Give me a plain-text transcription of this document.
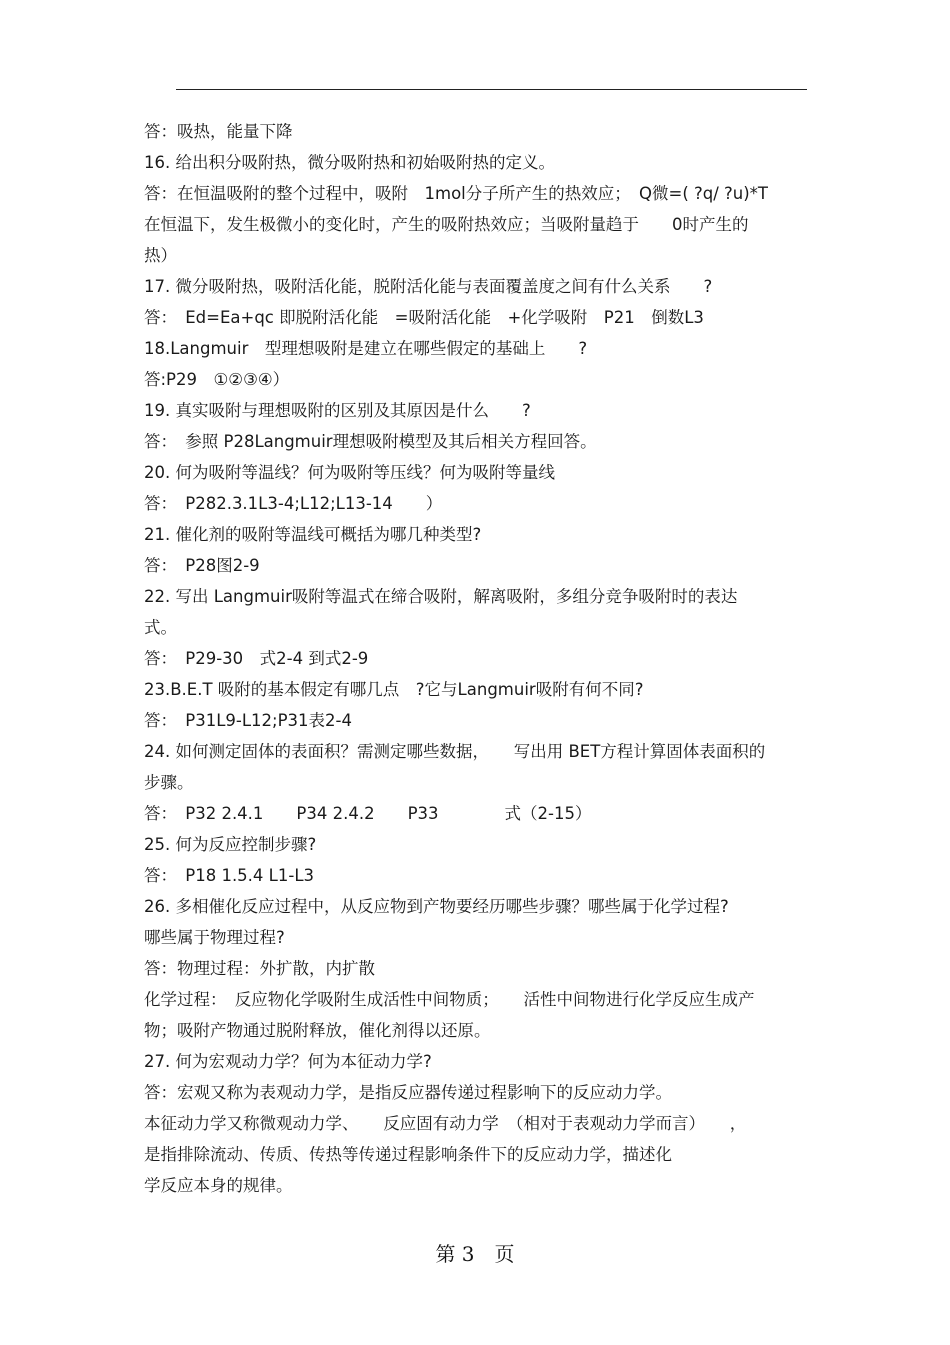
答：吸热，能量下降
16. 给出积分吸附热，微分吸附热和初始吸附热的定义。
答：在恒温吸附的整个过程中，吸附　1mol分子所产生的热效应；　Q微=( ?q/ ?u)*T
在恒温下，发生极微小的变化时，产生的吸附热效应；当吸附量趋于　　0时产生的
热）
17. 微分吸附热，吸附活化能，脱附活化能与表面覆盖度之间有什么关系　　?
答：　Ed=Ea+qc 即脱附活化能　=吸附活化能　+化学吸附　P21　倒数L3
18.Langmuir　型理想吸附是建立在哪些假定的基础上　　?
答:P29　①②③④）
19. 真实吸附与理想吸附的区别及其原因是什么　　?
答：　参照 P28Langmuir理想吸附模型及其后相关方程回答。
20. 何为吸附等温线？何为吸附等压线？何为吸附等量线
答：　P282.3.1L3-4;L12;L13-14　　）
21. 催化剂的吸附等温线可概括为哪几种类型?
答：　P28图2-9
22. 写出 Langmuir吸附等温式在缔合吸附，解离吸附，多组分竞争吸附时的表达
式。
答：　P29-30　式2-4 到式2-9
23.B.E.T 吸附的基本假定有哪几点　?它与Langmuir吸附有何不同?
答：　P31L9-L12;P31表2-4
24. 如何测定固体的表面积？需测定哪些数据，　　写出用 BET方程计算固体表面积的
步骤。
答：　P32 2.4.1　　P34 2.4.2　　P33　　　　式（2-15）
25. 何为反应控制步骤?
答：　P18 1.5.4 L1-L3
26. 多相催化反应过程中，从反应物到产物要经历哪些步骤？哪些属于化学过程?
哪些属于物理过程?
答：物理过程：外扩散，内扩散
化学过程：　反应物化学吸附生成活性中间物质；　　活性中间物进行化学反应生成产
物；吸附产物通过脱附释放，催化剂得以还原。
27. 何为宏观动力学？何为本征动力学?
答：宏观又称为表观动力学，是指反应器传递过程影响下的反应动力学。
本征动力学又称微观动力学、　　反应固有动力学　（相对于表观动力学而言）　　，
是指排除流动、传质、传热等传递过程影响条件下的反应动力学，描述化
学反应本身的规律。
第 3　页
